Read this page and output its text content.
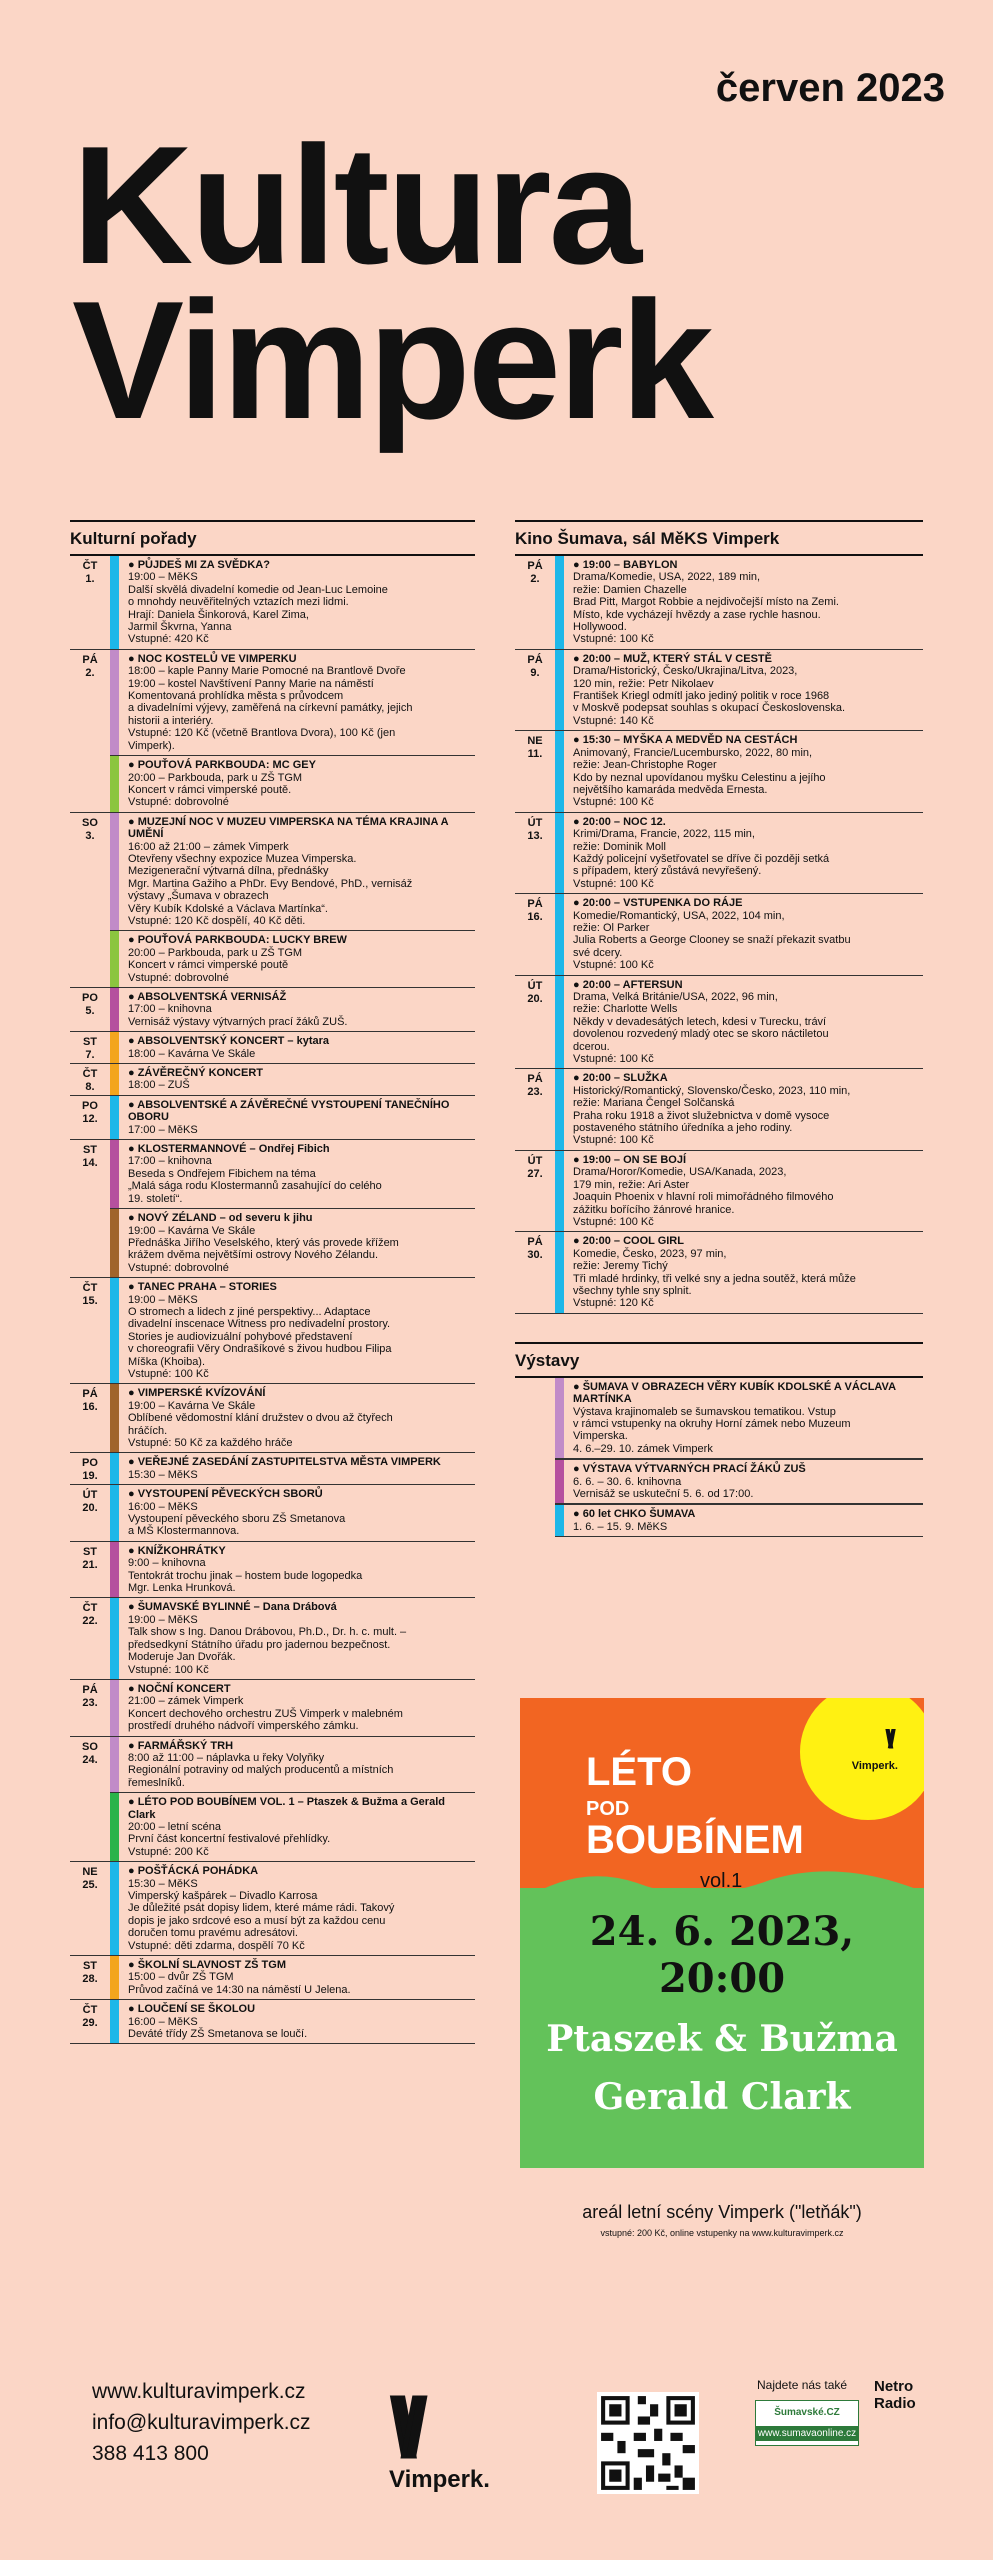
červen 2023
Kultura
Vimperk
Kulturní pořady
ČT
1.
● PŮJDEŠ MI ZA SVĚDKA?
19:00 – MěKS
Další skvělá divadelní komedie od Jean-Luc Lemoine
o mnohdy neuvěřitelných vztazích mezi lidmi.
Hrají: Daniela Šinkorová, Karel Zima,
Jarmil Škvrna, Yanna
Vstupné: 420 Kč
PÁ
2.
● NOC KOSTELŮ VE VIMPERKU
18:00 – kaple Panny Marie Pomocné na Brantlově Dvoře
19:00 – kostel Navštívení Panny Marie na náměstí
Komentovaná prohlídka města s průvodcem
a divadelními výjevy, zaměřená na církevní památky, jejich
historii a interiéry.
Vstupné: 120 Kč (včetně Brantlova Dvora), 100 Kč (jen
Vimperk).
● POUŤOVÁ PARKBOUDA: MC GEY
20:00 – Parkbouda, park u ZŠ TGM
Koncert v rámci vimperské poutě.
Vstupné: dobrovolné
SO
3.
● MUZEJNÍ NOC V MUZEU VIMPERSKA NA TÉMA KRAJINA A UMĚNÍ
16:00 až 21:00 – zámek Vimperk
Otevřeny všechny expozice Muzea Vimperska.
Mezigenerační výtvarná dílna, přednášky
Mgr. Martina Gažiho a PhDr. Evy Bendové, PhD., vernisáž
výstavy „Šumava v obrazech
Věry Kubík Kdolské a Václava Martínka“.
Vstupné: 120 Kč dospělí, 40 Kč děti.
● POUŤOVÁ PARKBOUDA: LUCKY BREW
20:00 – Parkbouda, park u ZŠ TGM
Koncert v rámci vimperské poutě
Vstupné: dobrovolné
PO
5.
● ABSOLVENTSKÁ VERNISÁŽ
17:00 – knihovna
Vernisáž výstavy výtvarných prací žáků ZUŠ.
ST
7.
● ABSOLVENTSKÝ KONCERT – kytara
18:00 – Kavárna Ve Skále
ČT
8.
● ZÁVĚREČNÝ KONCERT
18:00 – ZUŠ
PO
12.
● ABSOLVENTSKÉ A ZÁVĚREČNÉ VYSTOUPENÍ TANEČNÍHO OBORU
17:00 – MěKS
ST
14.
● KLOSTERMANNOVÉ – Ondřej Fibich
17:00 – knihovna
Beseda s Ondřejem Fibichem na téma
„Malá sága rodu Klostermannů zasahující do celého
19. století“.
● NOVÝ ZÉLAND – od severu k jihu
19:00 – Kavárna Ve Skále
Přednáška Jiřího Veselského, který vás provede křížem
krážem dvěma největšími ostrovy Nového Zélandu.
Vstupné: dobrovolné
ČT
15.
● TANEC PRAHA – STORIES
19:00 – MěKS
O stromech a lidech z jiné perspektivy... Adaptace
divadelní inscenace Witness pro nedivadelní prostory.
Stories je audiovizuální pohybové představení
v choreografii Věry Ondrašíkové s živou hudbou Filipa
Míška (Khoiba).
Vstupné: 100 Kč
PÁ
16.
● VIMPERSKÉ KVÍZOVÁNÍ
19:00 – Kavárna Ve Skále
Oblíbené vědomostní klání družstev o dvou až čtyřech
hráčích.
Vstupné: 50 Kč za každého hráče
PO
19.
● VEŘEJNÉ ZASEDÁNÍ ZASTUPITELSTVA MĚSTA VIMPERK
15:30 – MěKS
ÚT
20.
● VYSTOUPENÍ PĚVECKÝCH SBORŮ
16:00 – MěKS
Vystoupení pěveckého sboru ZŠ Smetanova
a MŠ Klostermannova.
ST
21.
● KNÍŽKOHRÁTKY
9:00 – knihovna
Tentokrát trochu jinak – hostem bude logopedka
Mgr. Lenka Hrunková.
ČT
22.
● ŠUMAVSKÉ BYLINNÉ – Dana Drábová
19:00 – MěKS
Talk show s Ing. Danou Drábovou, Ph.D., Dr. h. c. mult. –
předsedkyní Státního úřadu pro jadernou bezpečnost.
Moderuje Jan Dvořák.
Vstupné: 100 Kč
PÁ
23.
● NOČNÍ KONCERT
21:00 – zámek Vimperk
Koncert dechového orchestru ZUŠ Vimperk v malebném
prostředí druhého nádvoří vimperského zámku.
SO
24.
● FARMÁŘSKÝ TRH
8:00 až 11:00 – náplavka u řeky Volyňky
Regionální potraviny od malých producentů a místních
řemeslníků.
● LÉTO POD BOUBÍNEM VOL. 1 – Ptaszek & Bužma a Gerald Clark
20:00 – letní scéna
První část koncertní festivalové přehlídky.
Vstupné: 200 Kč
NE
25.
● POŠŤÁCKÁ POHÁDKA
15:30 – MěKS
Vimperský kašpárek – Divadlo Karrosa
Je důležité psát dopisy lidem, které máme rádi. Takový
dopis je jako srdcové eso a musí být za každou cenu
doručen tomu pravému adresátovi.
Vstupné: děti zdarma, dospělí 70 Kč
ST
28.
● ŠKOLNÍ SLAVNOST ZŠ TGM
15:00 – dvůr ZŠ TGM
Průvod začíná ve 14:30 na náměstí U Jelena.
ČT
29.
● LOUČENÍ SE ŠKOLOU
16:00 – MěKS
Deváté třídy ZŠ Smetanova se loučí.
Kino Šumava, sál MěKS Vimperk
PÁ
2.
● 19:00 – BABYLON
Drama/Komedie, USA, 2022, 189 min,
režie: Damien Chazelle
Brad Pitt, Margot Robbie a nejdivočejší místo na Zemi.
Místo, kde vycházejí hvězdy a zase rychle hasnou.
Hollywood.
Vstupné: 100 Kč
PÁ
9.
● 20:00 – MUŽ, KTERÝ STÁL V CESTĚ
Drama/Historický, Česko/Ukrajina/Litva, 2023,
120 min, režie: Petr Nikolaev
František Kriegl odmítl jako jediný politik v roce 1968
v Moskvě podepsat souhlas s okupací Československa.
Vstupné: 140 Kč
NE
11.
● 15:30 – MYŠKA A MEDVĚD NA CESTÁCH
Animovaný, Francie/Lucembursko, 2022, 80 min,
režie: Jean-Christophe Roger
Kdo by neznal upovídanou myšku Celestinu a jejího
největšího kamaráda medvěda Ernesta.
Vstupné: 100 Kč
ÚT
13.
● 20:00 – NOC 12.
Krimi/Drama, Francie, 2022, 115 min,
režie: Dominik Moll
Každý policejní vyšetřovatel se dříve či později setká
s případem, který zůstává nevyřešený.
Vstupné: 100 Kč
PÁ
16.
● 20:00 – VSTUPENKA DO RÁJE
Komedie/Romantický, USA, 2022, 104 min,
režie: Ol Parker
Julia Roberts a George Clooney se snaží překazit svatbu
své dcery.
Vstupné: 100 Kč
ÚT
20.
● 20:00 – AFTERSUN
Drama, Velká Británie/USA, 2022, 96 min,
režie: Charlotte Wells
Někdy v devadesátých letech, kdesi v Turecku, tráví
dovolenou rozvedený mladý otec se skoro náctiletou
dcerou.
Vstupné: 100 Kč
PÁ
23.
● 20:00 – SLUŽKA
Historický/Romantický, Slovensko/Česko, 2023, 110 min,
režie: Mariana Čengel Solčanská
Praha roku 1918 a život služebnictva v domě vysoce
postaveného státního úředníka a jeho rodiny.
Vstupné: 100 Kč
ÚT
27.
● 19:00 – ON SE BOJÍ
Drama/Horor/Komedie, USA/Kanada, 2023,
179 min, režie: Ari Aster
Joaquin Phoenix v hlavní roli mimořádného filmového
zážitku bořícího žánrové hranice.
Vstupné: 100 Kč
PÁ
30.
● 20:00 – COOL GIRL
Komedie, Česko, 2023, 97 min,
režie: Jeremy Tichý
Tři mladé hrdinky, tři velké sny a jedna soutěž, která může
všechny tyhle sny splnit.
Vstupné: 120 Kč
Výstavy
● ŠUMAVA V OBRAZECH VĚRY KUBÍK KDOLSKÉ A VÁCLAVA MARTÍNKA
Výstava krajinomaleb se šumavskou tematikou. Vstup
v rámci vstupenky na okruhy Horní zámek nebo Muzeum
Vimperska.
4. 6.–29. 10. zámek Vimperk
● VÝSTAVA VÝTVARNÝCH PRACÍ ŽÁKŮ ZUŠ
6. 6. – 30. 6. knihovna
Vernisáž se uskuteční 5. 6. od 17:00.
● 60 let CHKO ŠUMAVA
1. 6. – 15. 9. MěKS
\\//
Vimperk.
LÉTO
POD
BOUBÍNEM
vol.1
24. 6. 2023, 20:00
Ptaszek & Bužma
Gerald Clark
areál letní scény Vimperk ("letňák")
vstupné: 200 Kč, online vstupenky na www.kulturavimperk.cz
www.kulturavimperk.cz
info@kulturavimperk.cz
388 413 800	\\//
Vimperk.
Najdete nás také
Šumavské.CZ
www.sumavaonline.cz
Netro
Radio
